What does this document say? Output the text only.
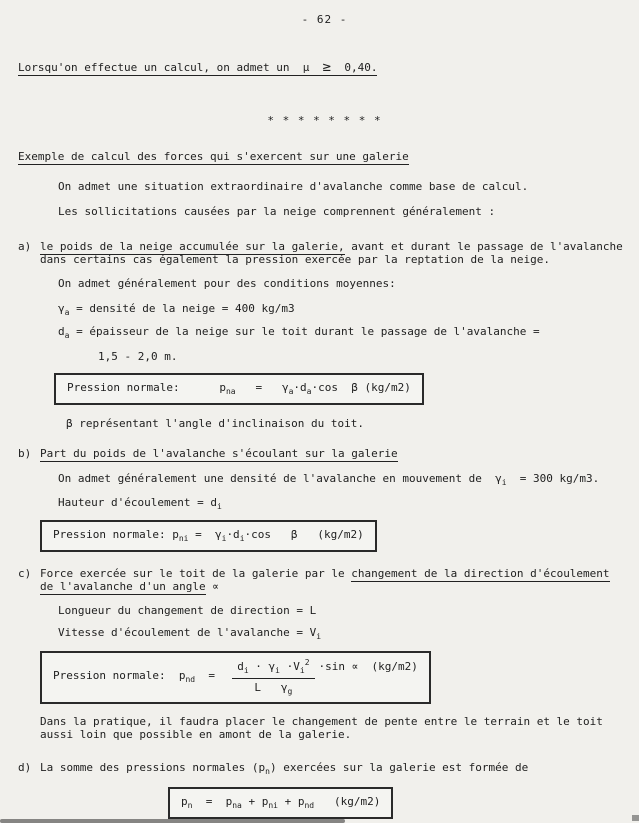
- 62 -
Lorsqu'on effectue un calcul, on admet un  μ ≥  0,40.
* * * * * * * *
Exemple de calcul des forces qui s'exercent sur une galerie

On admet une situation extraordinaire d'avalanche comme base de calcul.

Les sollicitations causées par la neige comprennent généralement :

a) le poids de la neige accumulée sur la galerie, avant et durant le passage de l'avalanche
dans certains cas également la pression exercée par la reptation de la neige.
On admet généralement pour des conditions moyennes:
$\gamma_a$ = densité de la neige = 400 kg/m3
$d_a$ = épaisseur de la neige sur le toit durant le passage de l'avalanche =
1,5 - 2,0 m.
Pression normale:      $p_{na} = \gamma_a\cdot d_a\cdot\cos$  β (kg/m2)
β représentant l'angle d'inclinaison du toit.
b) Part du poids de l'avalanche s'écoulant sur la galerie
On admet généralement une densité de l'avalanche en mouvement de  $\gamma_i = 300$ kg/m3.
Hauteur d'écoulement = $d_i$
Pression normale: $p_{ni} = \gamma_i\cdot d_i\cdot\cos$   β   (kg/m2)
c) Force exercée sur le toit de la galerie par le changement de la direction d'écoulement
de l'avalanche d'un angle ∝
Longueur du changement de direction = L
Vitesse d'écoulement de l'avalanche = $V_i$
Pression normale:  $p_{nd} = \frac{d_i \cdot \gamma_i \cdot V_i^2}{L \gamma_g} \cdot\sin \propto (kg/m2)$

Dans la pratique, il faudra placer le changement de pente entre le terrain et le toit aussi loin que possible en amont de la galerie.

d) La somme des pressions normales $(p_n)$ exercées sur la galerie est formée de
$p_n = p_{na} + p_{ni} + p_{nd}$   (kg/m2)
